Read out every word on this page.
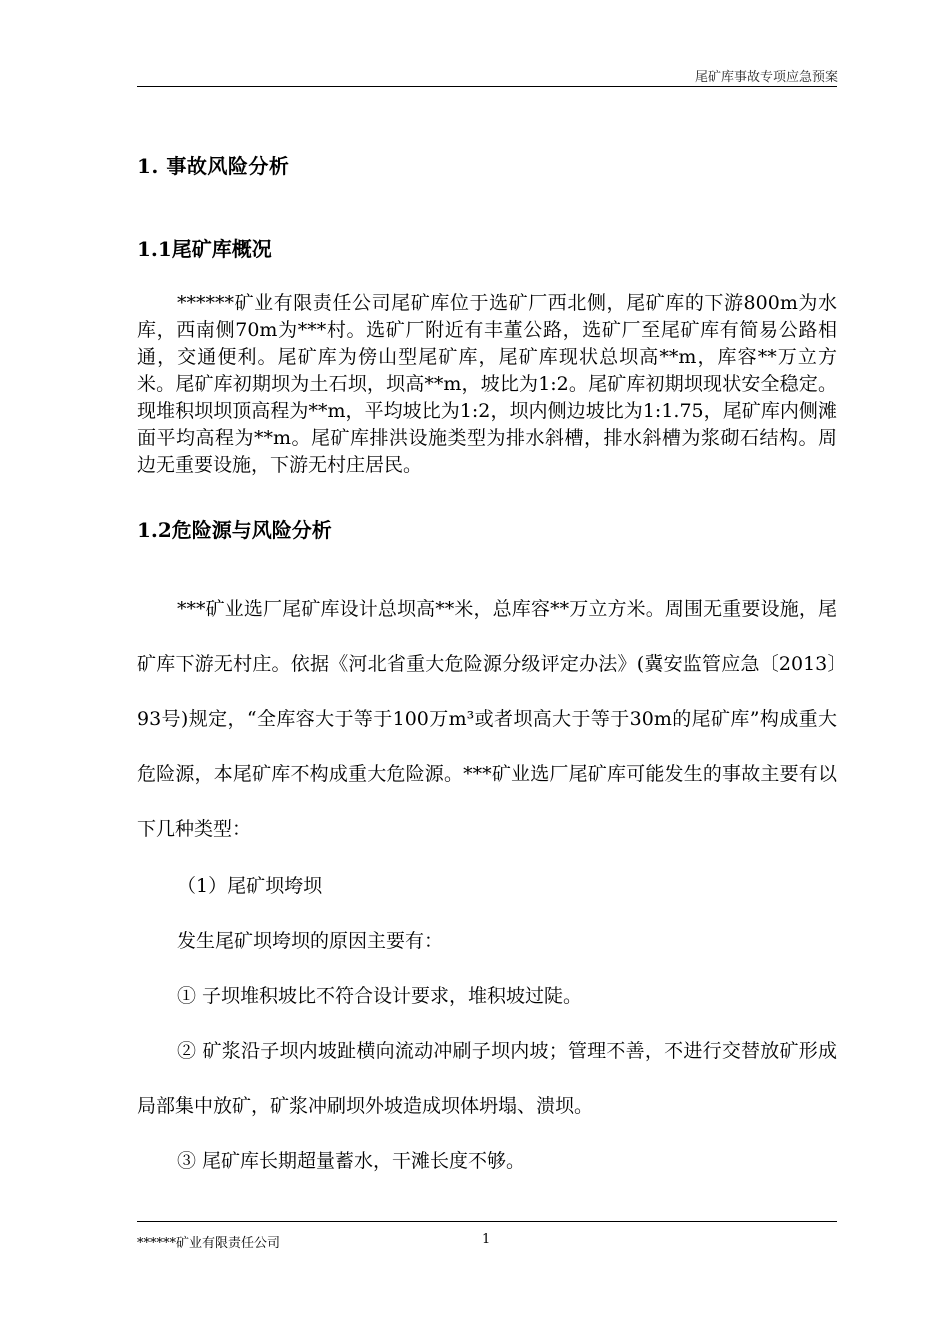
尾矿库事故专项应急预案
1. 事故风险分析
1.1尾矿库概况

******矿业有限责任公司尾矿库位于选矿厂西北侧，尾矿库的下游800m为水库，西南侧70m为***村。选矿厂附近有丰董公路，选矿厂至尾矿库有简易公路相通，交通便利。尾矿库为傍山型尾矿库，尾矿库现状总坝高**m，库容**万立方米。尾矿库初期坝为土石坝，坝高**m，坡比为1:2。尾矿库初期坝现状安全稳定。现堆积坝坝顶高程为**m，平均坡比为1:2，坝内侧边坡比为1:1.75，尾矿库内侧滩面平均高程为**m。尾矿库排洪设施类型为排水斜槽，排水斜槽为浆砌石结构。周边无重要设施，下游无村庄居民。

1.2危险源与风险分析

***矿业选厂尾矿库设计总坝高**米，总库容**万立方米。周围无重要设施，尾矿库下游无村庄。依据《河北省重大危险源分级评定办法》(冀安监管应急〔2013〕93号)规定，“全库容大于等于100万m³或者坝高大于等于30m的尾矿库”构成重大危险源，本尾矿库不构成重大危险源。***矿业选厂尾矿库可能发生的事故主要有以下几种类型：

（1）尾矿坝垮坝

发生尾矿坝垮坝的原因主要有：

① 子坝堆积坡比不符合设计要求，堆积坡过陡。

② 矿浆沿子坝内坡趾横向流动冲刷子坝内坡；管理不善，不进行交替放矿形成局部集中放矿，矿浆冲刷坝外坡造成坝体坍塌、溃坝。

③ 尾矿库长期超量蓄水，干滩长度不够。

******矿业有限责任公司	1
